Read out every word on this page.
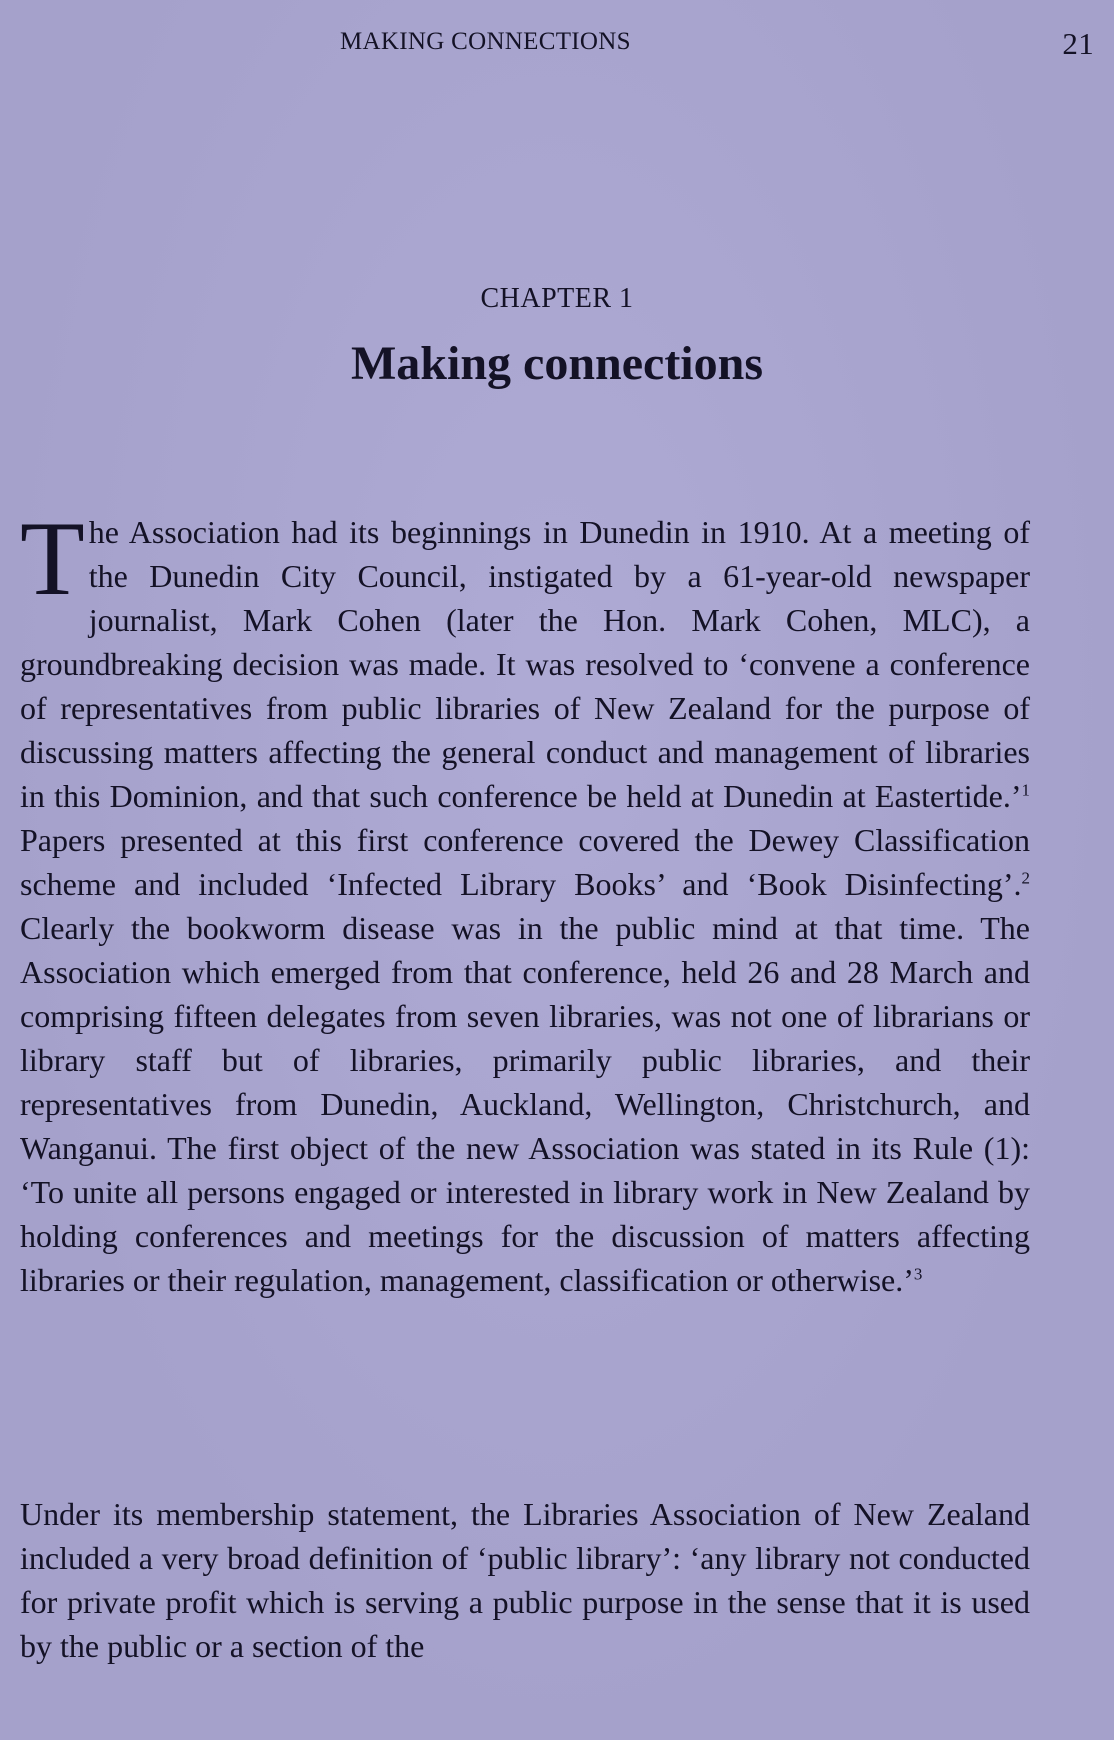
MAKING CONNECTIONS	21
CHAPTER 1
Making connections

The Association had its beginnings in Dunedin in 1910. At a meeting of the Dunedin City Council, instigated by a 61-year-old newspaper journalist, Mark Cohen (later the Hon. Mark Cohen, MLC), a groundbreaking decision was made. It was resolved to ‘convene a conference of representatives from public libraries of New Zealand for the purpose of discussing matters affecting the general conduct and management of libraries in this Dominion, and that such conference be held at Dunedin at Eastertide.’$^1$ Papers presented at this first conference covered the Dewey Classification scheme and included ‘Infected Library Books’ and ‘Book Disinfecting’.$^2$ Clearly the bookworm disease was in the public mind at that time. The Association which emerged from that conference, held 26 and 28 March and comprising fifteen delegates from seven libraries, was not one of librarians or library staff but of libraries, primarily public libraries, and their representatives from Dunedin, Auckland, Wellington, Christchurch, and Wanganui. The first object of the new Association was stated in its Rule (1): ‘To unite all persons engaged or interested in library work in New Zealand by holding conferences and meetings for the discussion of matters affecting libraries or their regulation, management, classification or otherwise.’$^3$

Under its membership statement, the Libraries Association of New Zealand included a very broad definition of ‘public library’: ‘any library not conducted for private profit which is serving a public purpose in the sense that it is used by the public or a section of the
